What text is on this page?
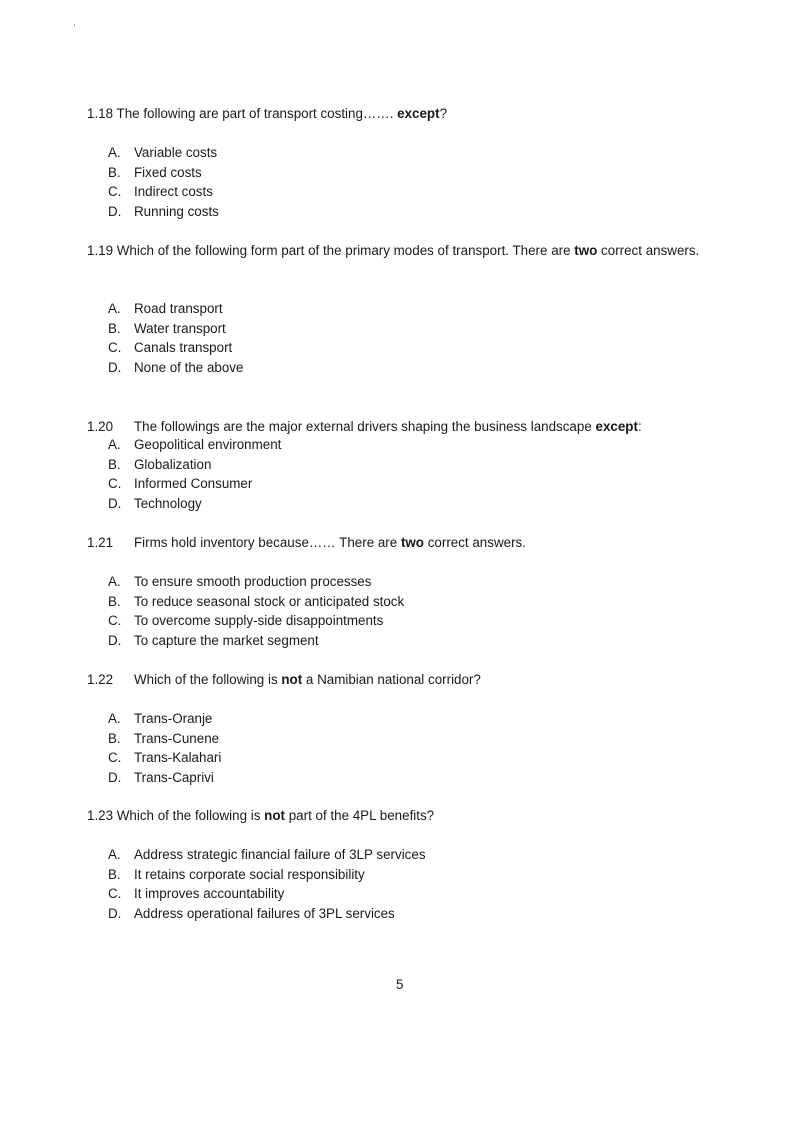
1.18 The following are part of transport costing……. except?
A. Variable costs
B. Fixed costs
C. Indirect costs
D. Running costs
1.19 Which of the following form part of the primary modes of transport. There are two correct answers.
A. Road transport
B. Water transport
C. Canals transport
D. None of the above
1.20 The followings are the major external drivers shaping the business landscape except:
A. Geopolitical environment
B. Globalization
C. Informed Consumer
D. Technology
1.21 Firms hold inventory because…… There are two correct answers.
A. To ensure smooth production processes
B. To reduce seasonal stock or anticipated stock
C. To overcome supply-side disappointments
D. To capture the market segment
1.22 Which of the following is not a Namibian national corridor?
A. Trans-Oranje
B. Trans-Cunene
C. Trans-Kalahari
D. Trans-Caprivi
1.23 Which of the following is not part of the 4PL benefits?
A. Address strategic financial failure of 3LP services
B. It retains corporate social responsibility
C. It improves accountability
D. Address operational failures of 3PL services
5
